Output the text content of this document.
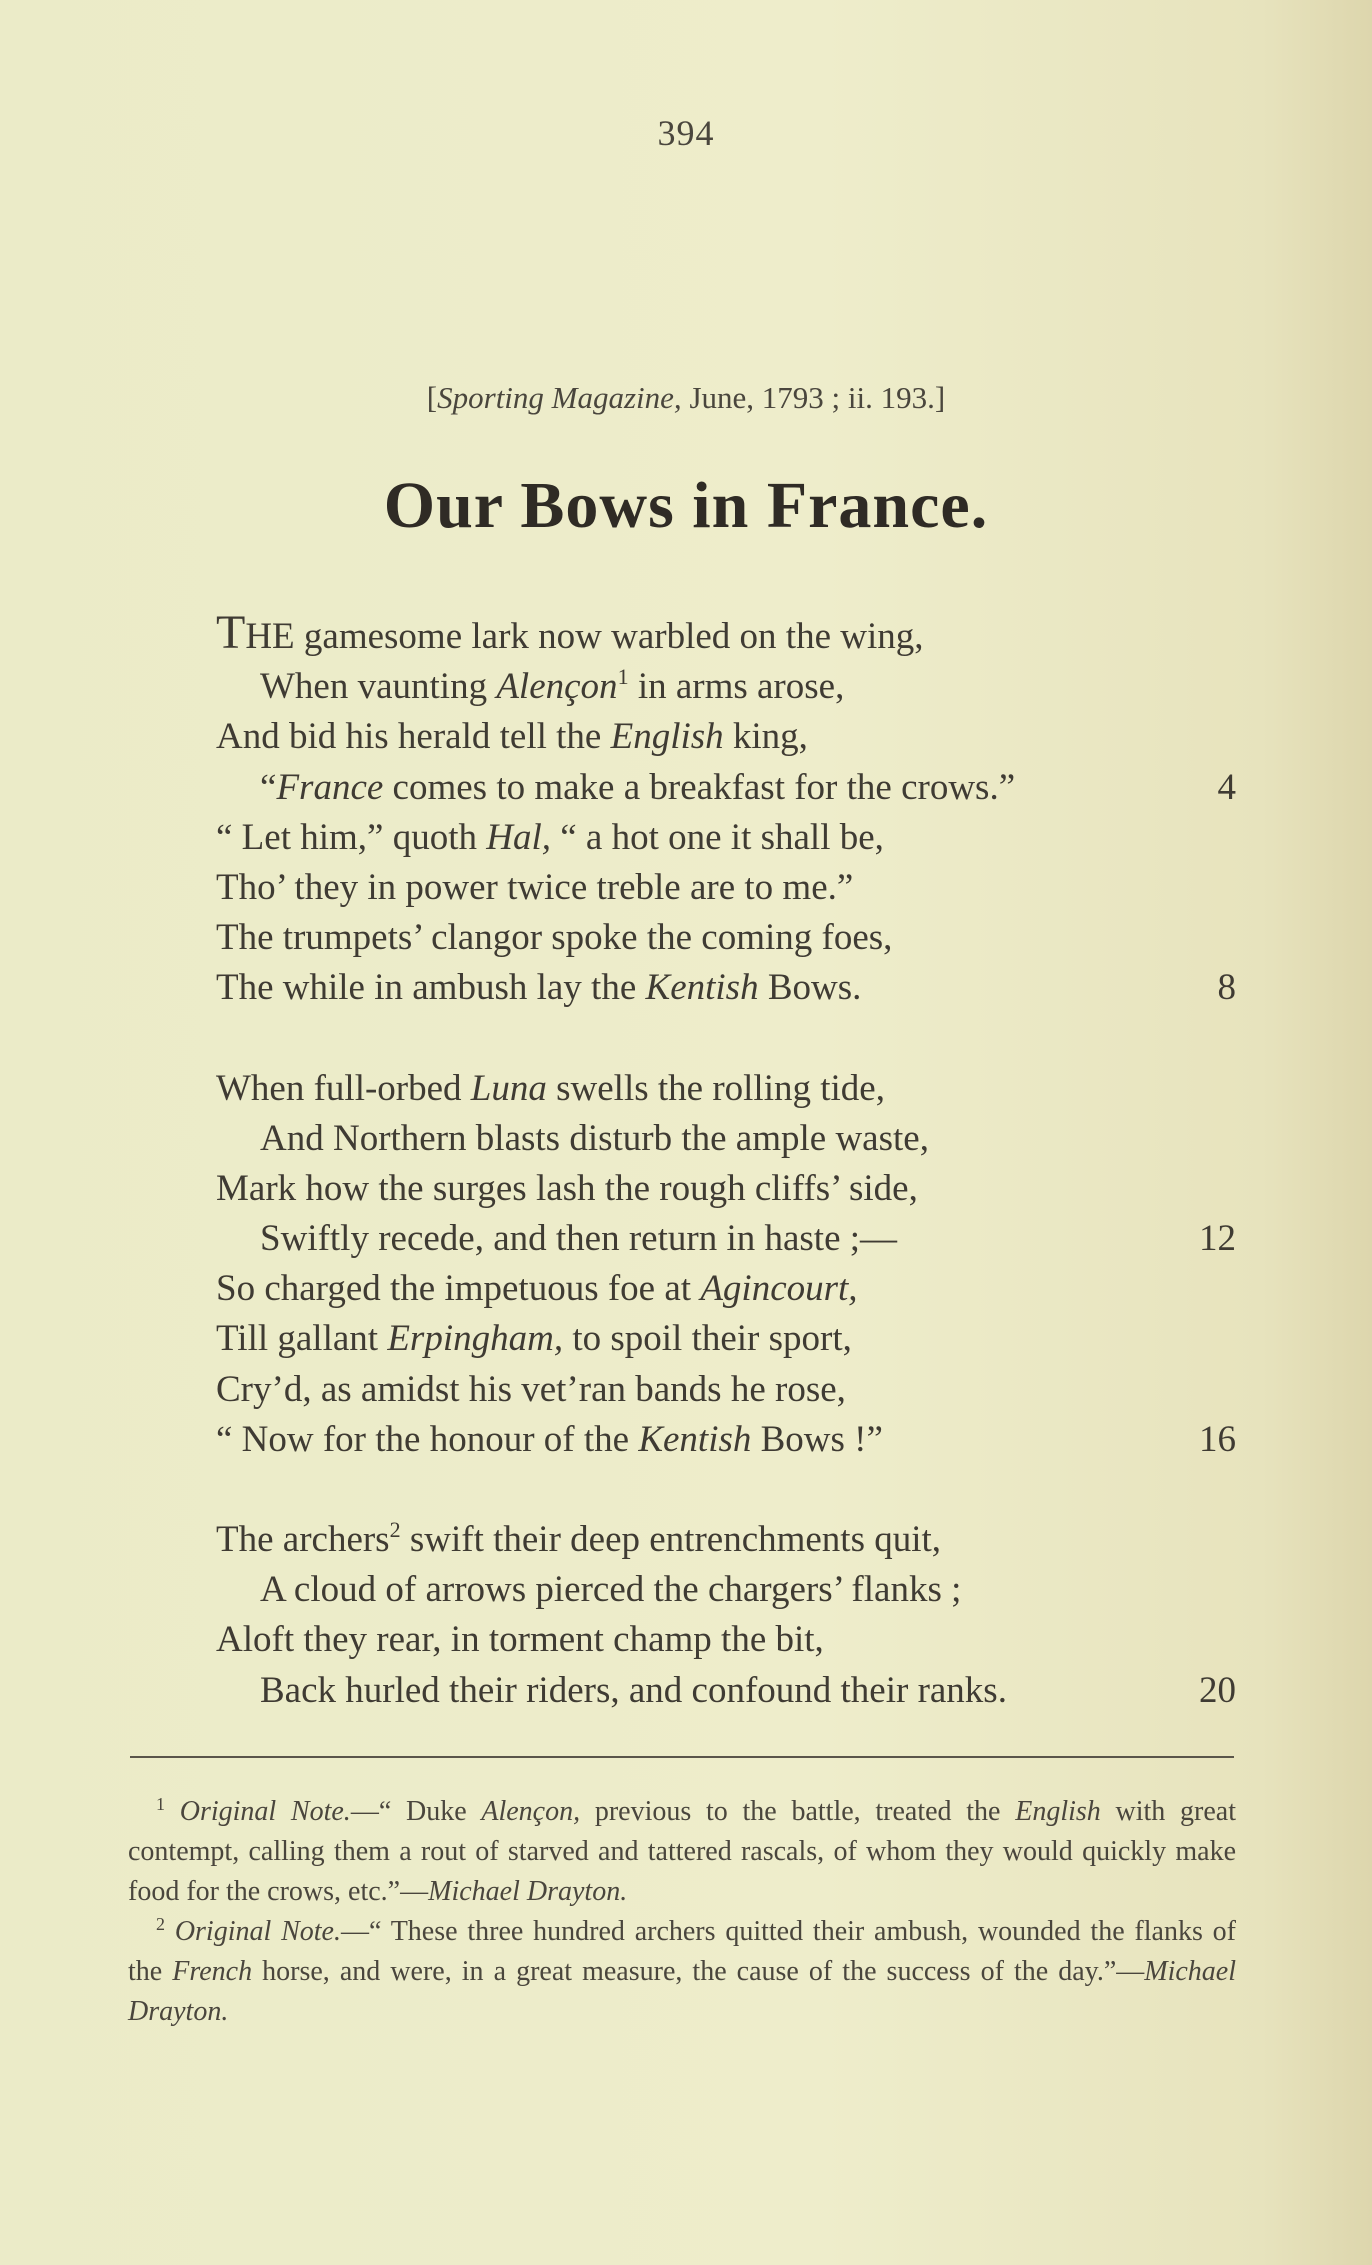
394
[Sporting Magazine, June, 1793 ; ii. 193.]
Our Bows in France.
THE gamesome lark now warbled on the wing,
When vaunting Alençon$^1$ in arms arose,
And bid his herald tell the English king,
“France comes to make a breakfast for the crows.”	4
“ Let him,” quoth Hal, “ a hot one it shall be,
Tho’ they in power twice treble are to me.”
The trumpets’ clangor spoke the coming foes,
The while in ambush lay the Kentish Bows.	8
When full-orbed Luna swells the rolling tide,
And Northern blasts disturb the ample waste,
Mark how the surges lash the rough cliffs’ side,
Swiftly recede, and then return in haste ;—	12
So charged the impetuous foe at Agincourt,
Till gallant Erpingham, to spoil their sport,
Cry’d, as amidst his vet’ran bands he rose,
“ Now for the honour of the Kentish Bows !”	16
The archers$^2$ swift their deep entrenchments quit,
A cloud of arrows pierced the chargers’ flanks ;
Aloft they rear, in torment champ the bit,
Back hurled their riders, and confound their ranks.	20

$^1$ Original Note.—“ Duke Alençon, previous to the battle, treated the English with great contempt, calling them a rout of starved and tattered rascals, of whom they would quickly make food for the crows, etc.”—Michael Drayton.

$^2$ Original Note.—“ These three hundred archers quitted their ambush, wounded the flanks of the French horse, and were, in a great measure, the cause of the success of the day.”—Michael Drayton.
